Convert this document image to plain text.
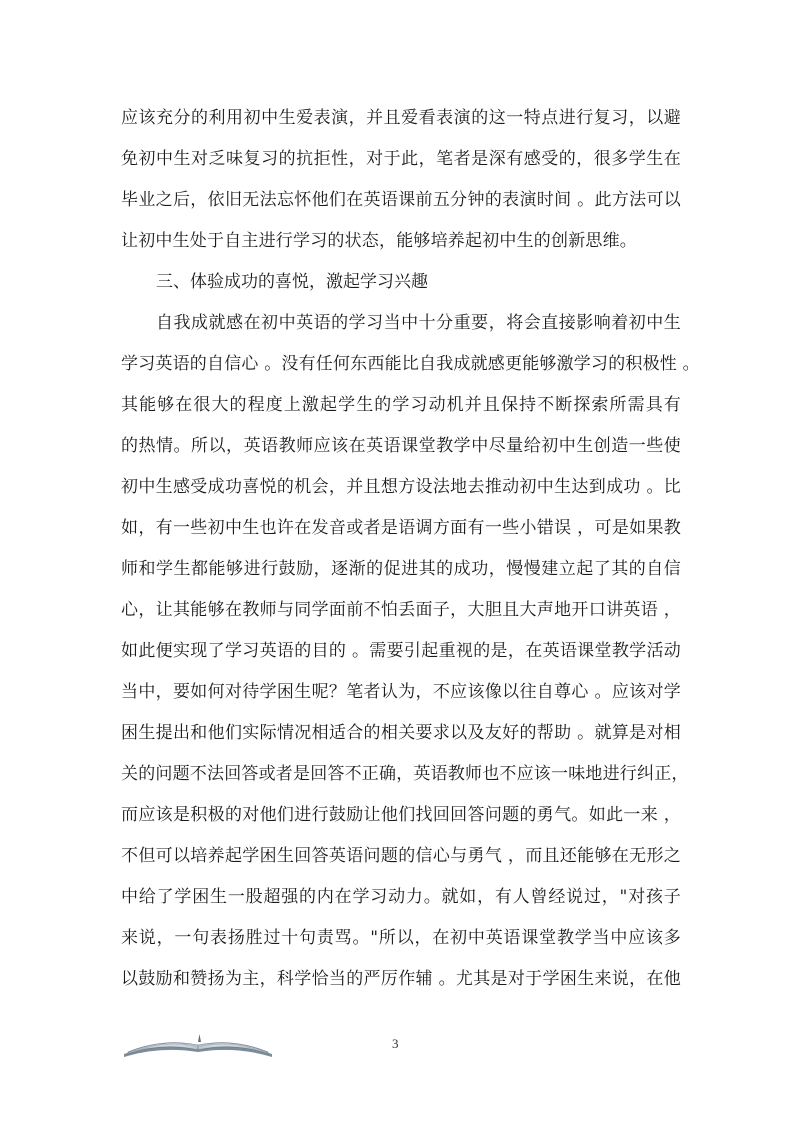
应该充分的利用初中生爱表演，并且爱看表演的这一特点进行复习，以避
免初中生对乏味复习的抗拒性，对于此，笔者是深有感受的，很多学生在
毕业之后，依旧无法忘怀他们在英语课前五分钟的表演时间 。此方法可以
让初中生处于自主进行学习的状态，能够培养起初中生的创新思维。
三、体验成功的喜悦，激起学习兴趣
自我成就感在初中英语的学习当中十分重要，将会直接影响着初中生
学习英语的自信心 。没有任何东西能比自我成就感更能够激学习的积极性 。
其能够在很大的程度上激起学生的学习动机并且保持不断探索所需具有
的热情。所以，英语教师应该在英语课堂教学中尽量给初中生创造一些使
初中生感受成功喜悦的机会，并且想方设法地去推动初中生达到成功 。比
如，有一些初中生也许在发音或者是语调方面有一些小错误 ，可是如果教
师和学生都能够进行鼓励，逐渐的促进其的成功，慢慢建立起了其的自信
心，让其能够在教师与同学面前不怕丢面子，大胆且大声地开口讲英语 ，
如此便实现了学习英语的目的 。需要引起重视的是，在英语课堂教学活动
当中，要如何对待学困生呢？笔者认为，不应该像以往自尊心 。应该对学
困生提出和他们实际情况相适合的相关要求以及友好的帮助 。就算是对相
关的问题不法回答或者是回答不正确，英语教师也不应该一味地进行纠正，
而应该是积极的对他们进行鼓励让他们找回回答问题的勇气。如此一来 ，
不但可以培养起学困生回答英语问题的信心与勇气 ，而且还能够在无形之
中给了学困生一股超强的内在学习动力。就如，有人曾经说过，"对孩子
来说，一句表扬胜过十句责骂。"所以，在初中英语课堂教学当中应该多
以鼓励和赞扬为主，科学恰当的严厉作辅 。尤其是对于学困生来说，在他
3
